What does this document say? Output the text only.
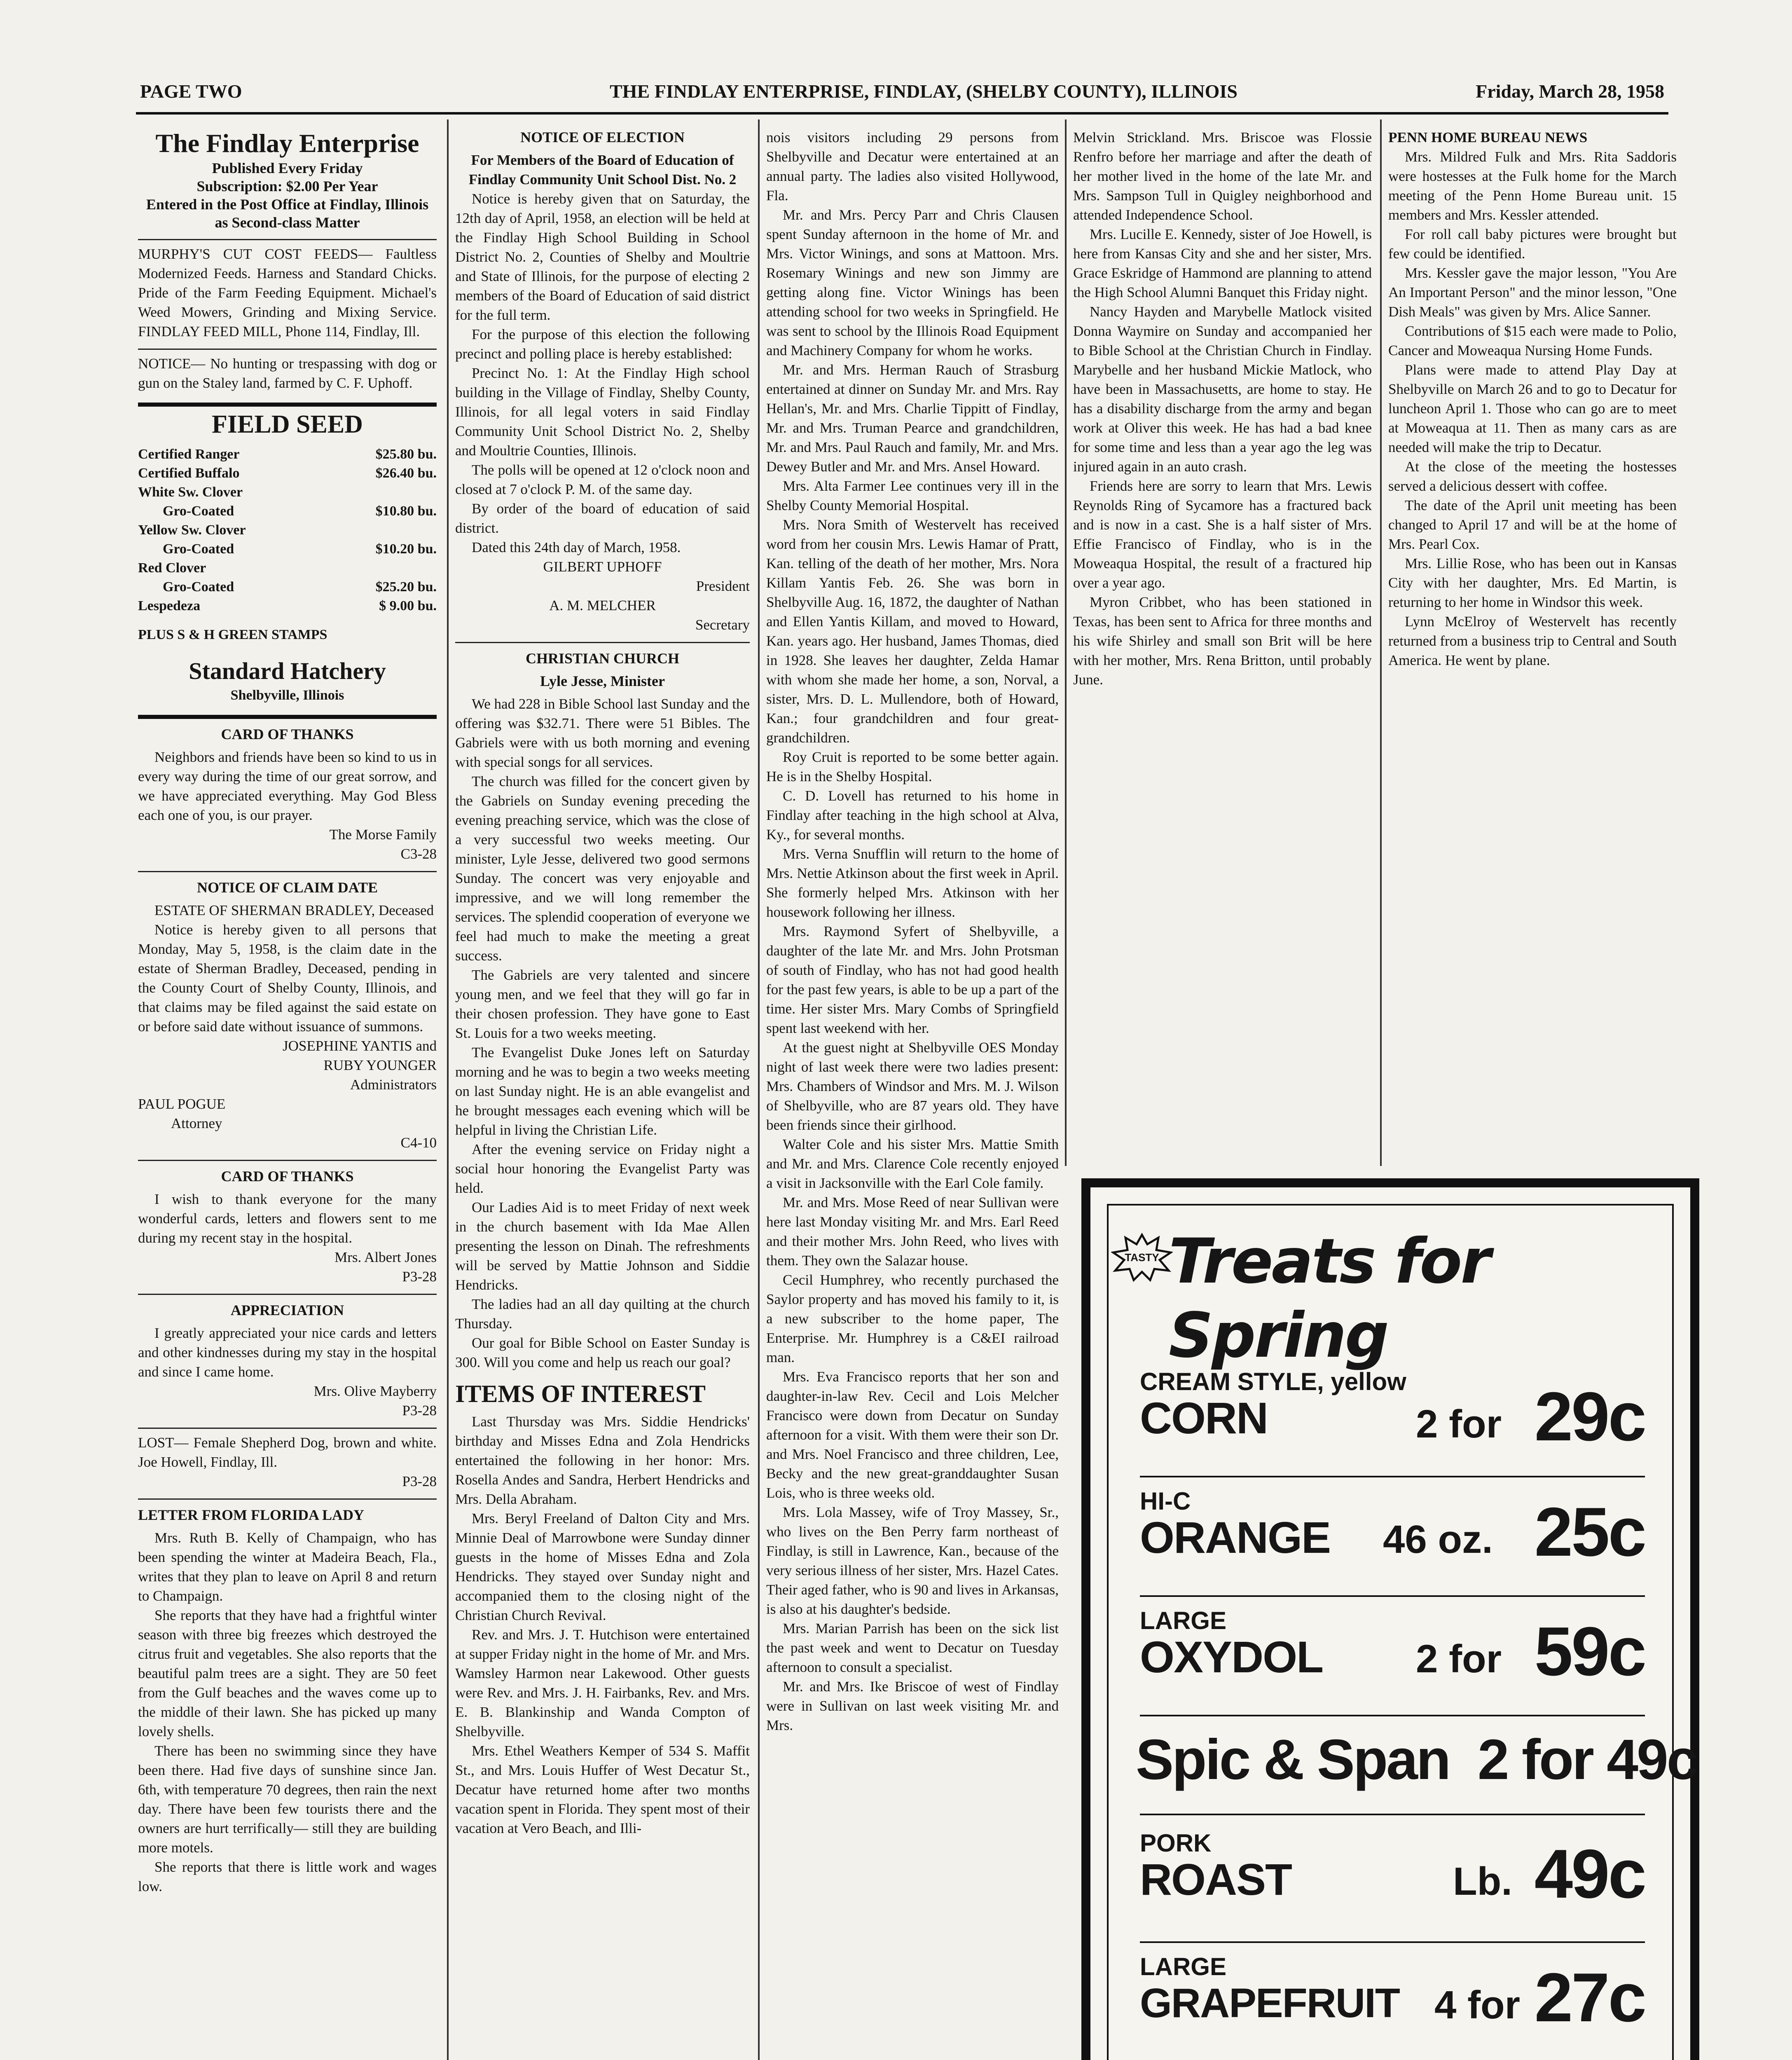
PAGE TWO	THE FINDLAY ENTERPRISE, FINDLAY, (SHELBY COUNTY), ILLINOIS	Friday, March 28, 1958
The Findlay Enterprise
Published Every Friday
Subscription: $2.00 Per Year
Entered in the Post Office at Findlay, Illinois as Second-class Matter

MURPHY'S CUT COST FEEDS— Faultless Modernized Feeds. Harness and Standard Chicks. Pride of the Farm Feeding Equipment. Michael's Weed Mowers, Grinding and Mixing Service. FINDLAY FEED MILL, Phone 114, Findlay, Ill.

NOTICE— No hunting or trespassing with dog or gun on the Staley land, farmed by C. F. Uphoff.

FIELD SEED
Certified Ranger	$25.80 bu.
Certified Buffalo	$26.40 bu.
White Sw. Clover
Gro-Coated	$10.80 bu.
Yellow Sw. Clover
Gro-Coated	$10.20 bu.
Red Clover
Gro-Coated	$25.20 bu.
Lespedeza	$ 9.00 bu.
PLUS S & H GREEN STAMPS
Standard Hatchery
Shelbyville, Illinois
CARD OF THANKS

Neighbors and friends have been so kind to us in every way during the time of our great sorrow, and we have appreciated everything. May God Bless each one of you, is our prayer.

The Morse Family

C3-28

NOTICE OF CLAIM DATE

ESTATE OF SHERMAN BRADLEY, Deceased

Notice is hereby given to all persons that Monday, May 5, 1958, is the claim date in the estate of Sherman Bradley, Deceased, pending in the County Court of Shelby County, Illinois, and that claims may be filed against the said estate on or before said date without issuance of summons.

JOSEPHINE YANTIS and

RUBY YOUNGER

Administrators

PAUL POGUE

Attorney

C4-10

CARD OF THANKS

I wish to thank everyone for the many wonderful cards, letters and flowers sent to me during my recent stay in the hospital.

Mrs. Albert Jones

P3-28

APPRECIATION

I greatly appreciated your nice cards and letters and other kindnesses during my stay in the hospital and since I came home.

Mrs. Olive Mayberry

P3-28

LOST— Female Shepherd Dog, brown and white. Joe Howell, Findlay, Ill.

P3-28

LETTER FROM FLORIDA LADY

Mrs. Ruth B. Kelly of Champaign, who has been spending the winter at Madeira Beach, Fla., writes that they plan to leave on April 8 and return to Champaign.

She reports that they have had a frightful winter season with three big freezes which destroyed the citrus fruit and vegetables. She also reports that the beautiful palm trees are a sight. They are 50 feet from the Gulf beaches and the waves come up to the middle of their lawn. She has picked up many lovely shells.

There has been no swimming since they have been there. Had five days of sunshine since Jan. 6th, with temperature 70 degrees, then rain the next day. There have been few tourists there and the owners are hurt terrifically— still they are building more motels.

She reports that there is little work and wages low.

NOTICE OF ELECTION

For Members of the Board of Education of Findlay Community Unit School Dist. No. 2

Notice is hereby given that on Saturday, the 12th day of April, 1958, an election will be held at the Findlay High School Building in School District No. 2, Counties of Shelby and Moultrie and State of Illinois, for the purpose of electing 2 members of the Board of Education of said district for the full term.

For the purpose of this election the following precinct and polling place is hereby established:

Precinct No. 1: At the Findlay High school building in the Village of Findlay, Shelby County, Illinois, for all legal voters in said Findlay Community Unit School District No. 2, Shelby and Moultrie Counties, Illinois.

The polls will be opened at 12 o'clock noon and closed at 7 o'clock P. M. of the same day.

By order of the board of education of said district.

Dated this 24th day of March, 1958.

GILBERT UPHOFF

President

A. M. MELCHER

Secretary

CHRISTIAN CHURCH
Lyle Jesse, Minister

We had 228 in Bible School last Sunday and the offering was $32.71. There were 51 Bibles. The Gabriels were with us both morning and evening with special songs for all services.

The church was filled for the concert given by the Gabriels on Sunday evening preceding the evening preaching service, which was the close of a very successful two weeks meeting. Our minister, Lyle Jesse, delivered two good sermons Sunday. The concert was very enjoyable and impressive, and we will long remember the services. The splendid cooperation of everyone we feel had much to make the meeting a great success.

The Gabriels are very talented and sincere young men, and we feel that they will go far in their chosen profession. They have gone to East St. Louis for a two weeks meeting.

The Evangelist Duke Jones left on Saturday morning and he was to begin a two weeks meeting on last Sunday night. He is an able evangelist and he brought messages each evening which will be helpful in living the Christian Life.

After the evening service on Friday night a social hour honoring the Evangelist Party was held.

Our Ladies Aid is to meet Friday of next week in the church basement with Ida Mae Allen presenting the lesson on Dinah. The refreshments will be served by Mattie Johnson and Siddie Hendricks.

The ladies had an all day quilting at the church Thursday.

Our goal for Bible School on Easter Sunday is 300. Will you come and help us reach our goal?

ITEMS OF INTEREST

Last Thursday was Mrs. Siddie Hendricks' birthday and Misses Edna and Zola Hendricks entertained the following in her honor: Mrs. Rosella Andes and Sandra, Herbert Hendricks and Mrs. Della Abraham.

Mrs. Beryl Freeland of Dalton City and Mrs. Minnie Deal of Marrowbone were Sunday dinner guests in the home of Misses Edna and Zola Hendricks. They stayed over Sunday night and accompanied them to the closing night of the Christian Church Revival.

Rev. and Mrs. J. T. Hutchison were entertained at supper Friday night in the home of Mr. and Mrs. Wamsley Harmon near Lakewood. Other guests were Rev. and Mrs. J. H. Fairbanks, Rev. and Mrs. E. B. Blankinship and Wanda Compton of Shelbyville.

Mrs. Ethel Weathers Kemper of 534 S. Maffit St., and Mrs. Louis Huffer of West Decatur St., Decatur have returned home after two months vacation spent in Florida. They spent most of their vacation at Vero Beach, and Illi-

nois visitors including 29 persons from Shelbyville and Decatur were entertained at an annual party. The ladies also visited Hollywood, Fla.

Mr. and Mrs. Percy Parr and Chris Clausen spent Sunday afternoon in the home of Mr. and Mrs. Victor Winings, and sons at Mattoon. Mrs. Rosemary Winings and new son Jimmy are getting along fine. Victor Winings has been attending school for two weeks in Springfield. He was sent to school by the Illinois Road Equipment and Machinery Company for whom he works.

Mr. and Mrs. Herman Rauch of Strasburg entertained at dinner on Sunday Mr. and Mrs. Ray Hellan's, Mr. and Mrs. Charlie Tippitt of Findlay, Mr. and Mrs. Truman Pearce and grandchildren, Mr. and Mrs. Paul Rauch and family, Mr. and Mrs. Dewey Butler and Mr. and Mrs. Ansel Howard.

Mrs. Alta Farmer Lee continues very ill in the Shelby County Memorial Hospital.

Mrs. Nora Smith of Westervelt has received word from her cousin Mrs. Lewis Hamar of Pratt, Kan. telling of the death of her mother, Mrs. Nora Killam Yantis Feb. 26. She was born in Shelbyville Aug. 16, 1872, the daughter of Nathan and Ellen Yantis Killam, and moved to Howard, Kan. years ago. Her husband, James Thomas, died in 1928. She leaves her daughter, Zelda Hamar with whom she made her home, a son, Norval, a sister, Mrs. D. L. Mullendore, both of Howard, Kan.; four grandchildren and four great-grandchildren.

Roy Cruit is reported to be some better again. He is in the Shelby Hospital.

C. D. Lovell has returned to his home in Findlay after teaching in the high school at Alva, Ky., for several months.

Mrs. Verna Snufflin will return to the home of Mrs. Nettie Atkinson about the first week in April. She formerly helped Mrs. Atkinson with her housework following her illness.

Mrs. Raymond Syfert of Shelbyville, a daughter of the late Mr. and Mrs. John Protsman of south of Findlay, who has not had good health for the past few years, is able to be up a part of the time. Her sister Mrs. Mary Combs of Springfield spent last weekend with her.

At the guest night at Shelbyville OES Monday night of last week there were two ladies present: Mrs. Chambers of Windsor and Mrs. M. J. Wilson of Shelbyville, who are 87 years old. They have been friends since their girlhood.

Walter Cole and his sister Mrs. Mattie Smith and Mr. and Mrs. Clarence Cole recently enjoyed a visit in Jacksonville with the Earl Cole family.

Mr. and Mrs. Mose Reed of near Sullivan were here last Monday visiting Mr. and Mrs. Earl Reed and their mother Mrs. John Reed, who lives with them. They own the Salazar house.

Cecil Humphrey, who recently purchased the Saylor property and has moved his family to it, is a new subscriber to the home paper, The Enterprise. Mr. Humphrey is a C&EI railroad man.

Mrs. Eva Francisco reports that her son and daughter-in-law Rev. Cecil and Lois Melcher Francisco were down from Decatur on Sunday afternoon for a visit. With them were their son Dr. and Mrs. Noel Francisco and three children, Lee, Becky and the new great-granddaughter Susan Lois, who is three weeks old.

Mrs. Lola Massey, wife of Troy Massey, Sr., who lives on the Ben Perry farm northeast of Findlay, is still in Lawrence, Kan., because of the very serious illness of her sister, Mrs. Hazel Cates. Their aged father, who is 90 and lives in Arkansas, is also at his daughter's bedside.

Mrs. Marian Parrish has been on the sick list the past week and went to Decatur on Tuesday afternoon to consult a specialist.

Mr. and Mrs. Ike Briscoe of west of Findlay were in Sullivan on last week visiting Mr. and Mrs.

Melvin Strickland. Mrs. Briscoe was Flossie Renfro before her marriage and after the death of her mother lived in the home of the late Mr. and Mrs. Sampson Tull in Quigley neighborhood and attended Independence School.

Mrs. Lucille E. Kennedy, sister of Joe Howell, is here from Kansas City and she and her sister, Mrs. Grace Eskridge of Hammond are planning to attend the High School Alumni Banquet this Friday night.

Nancy Hayden and Marybelle Matlock visited Donna Waymire on Sunday and accompanied her to Bible School at the Christian Church in Findlay. Marybelle and her husband Mickie Matlock, who have been in Massachusetts, are home to stay. He has a disability discharge from the army and began work at Oliver this week. He has had a bad knee for some time and less than a year ago the leg was injured again in an auto crash.

Friends here are sorry to learn that Mrs. Lewis Reynolds Ring of Sycamore has a fractured back and is now in a cast. She is a half sister of Mrs. Effie Francisco of Findlay, who is in the Moweaqua Hospital, the result of a fractured hip over a year ago.

Myron Cribbet, who has been stationed in Texas, has been sent to Africa for three months and his wife Shirley and small son Brit will be here with her mother, Mrs. Rena Britton, until probably June.

PENN HOME BUREAU NEWS

Mrs. Mildred Fulk and Mrs. Rita Saddoris were hostesses at the Fulk home for the March meeting of the Penn Home Bureau unit. 15 members and Mrs. Kessler attended.

For roll call baby pictures were brought but few could be identified.

Mrs. Kessler gave the major lesson, "You Are An Important Person" and the minor lesson, "One Dish Meals" was given by Mrs. Alice Sanner.

Contributions of $15 each were made to Polio, Cancer and Moweaqua Nursing Home Funds.

Plans were made to attend Play Day at Shelbyville on March 26 and to go to Decatur for luncheon April 1. Those who can go are to meet at Moweaqua at 11. Then as many cars as are needed will make the trip to Decatur.

At the close of the meeting the hostesses served a delicious dessert with coffee.

The date of the April unit meeting has been changed to April 17 and will be at the home of Mrs. Pearl Cox.

Mrs. Lillie Rose, who has been out in Kansas City with her daughter, Mrs. Ed Martin, is returning to her home in Windsor this week.

Lynn McElroy of Westervelt has recently returned from a business trip to Central and South America. He went by plane.

TASTY Treats for Spring
CREAM STYLE, yellow
CORN	2 for 29c
HI-C
ORANGE	46 oz. 25c
LARGE
OXYDOL	2 for 59c
Spic & Span  2 for 49c
PORK
ROAST	Lb. 49c
LARGE
GRAPEFRUIT 4 for 27c
